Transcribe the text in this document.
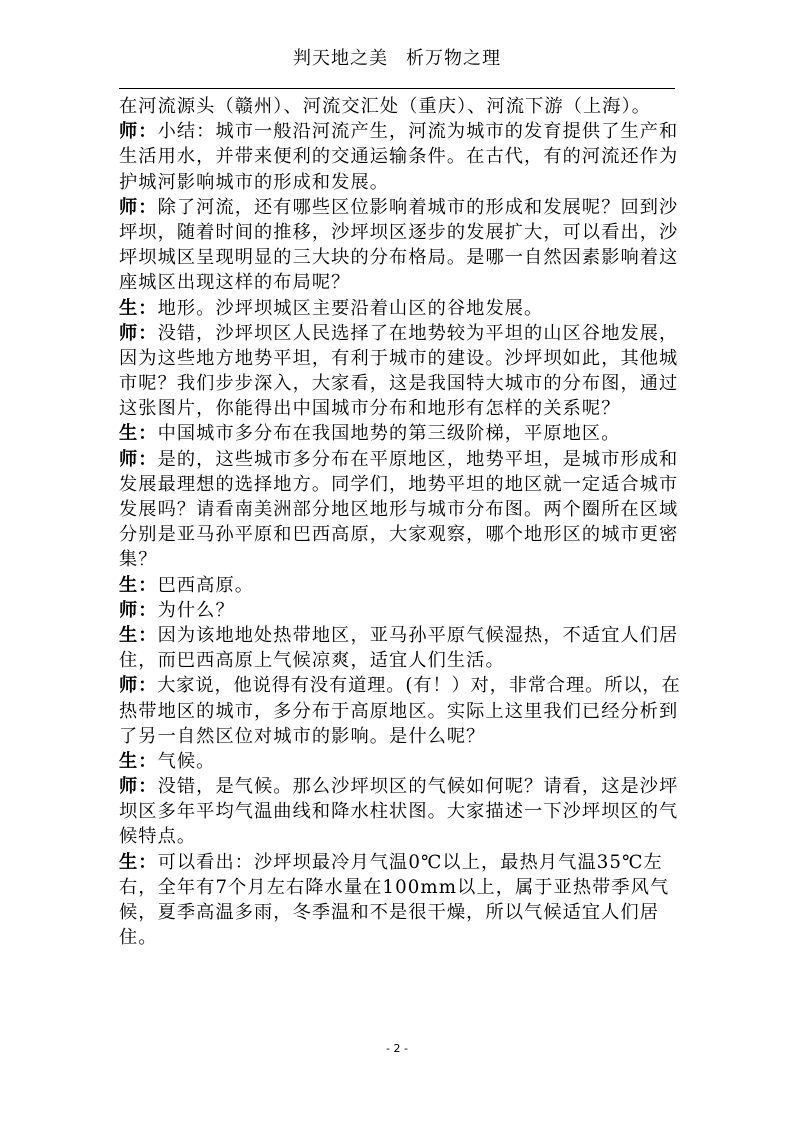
判天地之美 析万物之理
在河流源头（赣州）、河流交汇处（重庆）、河流下游（上海）。
师：小结：城市一般沿河流产生，河流为城市的发育提供了生产和
生活用水，并带来便利的交通运输条件。在古代，有的河流还作为
护城河影响城市的形成和发展。
师：除了河流，还有哪些区位影响着城市的形成和发展呢？回到沙
坪坝，随着时间的推移，沙坪坝区逐步的发展扩大，可以看出，沙
坪坝城区呈现明显的三大块的分布格局。是哪一自然因素影响着这
座城区出现这样的布局呢？
生：地形。沙坪坝城区主要沿着山区的谷地发展。
师：没错，沙坪坝区人民选择了在地势较为平坦的山区谷地发展，
因为这些地方地势平坦，有利于城市的建设。沙坪坝如此，其他城
市呢？我们步步深入，大家看，这是我国特大城市的分布图，通过
这张图片，你能得出中国城市分布和地形有怎样的关系呢？
生：中国城市多分布在我国地势的第三级阶梯，平原地区。
师：是的，这些城市多分布在平原地区，地势平坦，是城市形成和
发展最理想的选择地方。同学们，地势平坦的地区就一定适合城市
发展吗？请看南美洲部分地区地形与城市分布图。两个圈所在区域
分别是亚马孙平原和巴西高原，大家观察，哪个地形区的城市更密
集？
生：巴西高原。
师：为什么？
生：因为该地地处热带地区，亚马孙平原气候湿热，不适宜人们居
住，而巴西高原上气候凉爽，适宜人们生活。
师：大家说，他说得有没有道理。(有！）对，非常合理。所以，在
热带地区的城市，多分布于高原地区。实际上这里我们已经分析到
了另一自然区位对城市的影响。是什么呢？
生：气候。
师：没错，是气候。那么沙坪坝区的气候如何呢？请看，这是沙坪
坝区多年平均气温曲线和降水柱状图。大家描述一下沙坪坝区的气
候特点。
生：可以看出：沙坪坝最冷月气温0℃以上，最热月气温35℃左
右，全年有7个月左右降水量在100mm以上，属于亚热带季风气
候，夏季高温多雨，冬季温和不是很干燥，所以气候适宜人们居
住。
- 2 -
